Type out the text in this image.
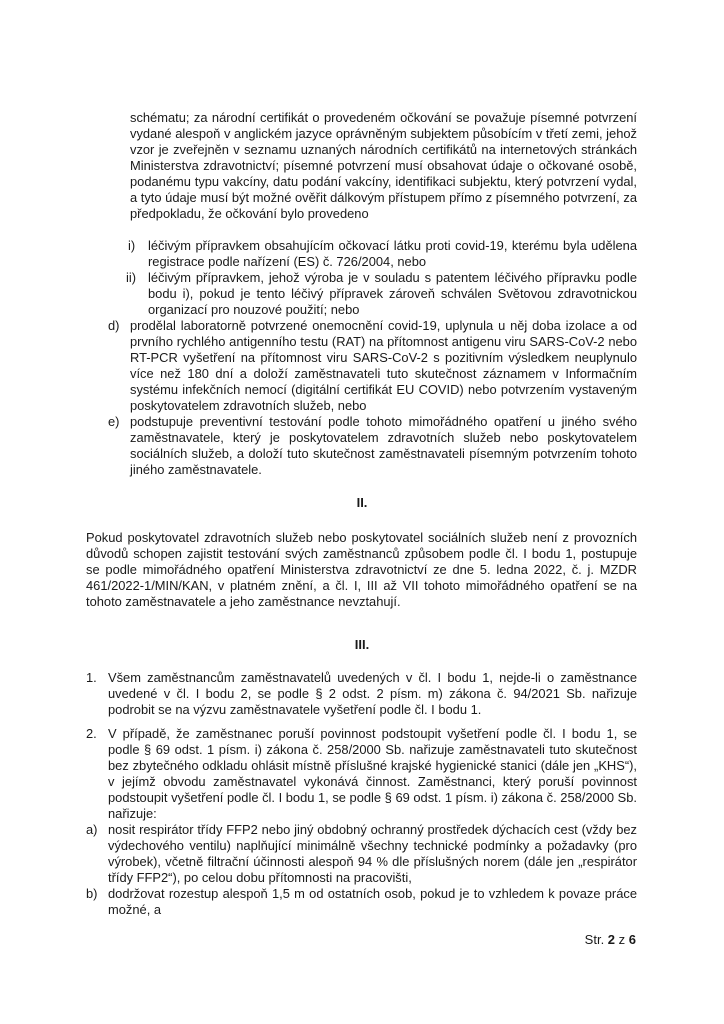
schématu; za národní certifikát o provedeném očkování se považuje písemné potvrzení vydané alespoň v anglickém jazyce oprávněným subjektem působícím v třetí zemi, jehož vzor je zveřejněn v seznamu uznaných národních certifikátů na internetových stránkách Ministerstva zdravotnictví; písemné potvrzení musí obsahovat údaje o očkované osobě, podanému typu vakcíny, datu podání vakcíny, identifikaci subjektu, který potvrzení vydal, a tyto údaje musí být možné ověřit dálkovým přístupem přímo z písemného potvrzení, za předpokladu, že očkování bylo provedeno
i) léčivým přípravkem obsahujícím očkovací látku proti covid-19, kterému byla udělena registrace podle nařízení (ES) č. 726/2004, nebo
ii) léčivým přípravkem, jehož výroba je v souladu s patentem léčivého přípravku podle bodu i), pokud je tento léčivý přípravek zároveň schválen Světovou zdravotnickou organizací pro nouzové použití; nebo
d) prodělal laboratorně potvrzené onemocnění covid-19, uplynula u něj doba izolace a od prvního rychlého antigenního testu (RAT) na přítomnost antigenu viru SARS-CoV-2 nebo RT-PCR vyšetření na přítomnost viru SARS-CoV-2 s pozitivním výsledkem neuplynulo více než 180 dní a doloží zaměstnavateli tuto skutečnost záznamem v Informačním systému infekčních nemocí (digitální certifikát EU COVID) nebo potvrzením vystaveným poskytovatelem zdravotních služeb, nebo
e) podstupuje preventivní testování podle tohoto mimořádného opatření u jiného svého zaměstnavatele, který je poskytovatelem zdravotních služeb nebo poskytovatelem sociálních služeb, a doloží tuto skutečnost zaměstnavateli písemným potvrzením tohoto jiného zaměstnavatele.
II.
Pokud poskytovatel zdravotních služeb nebo poskytovatel sociálních služeb není z provozních důvodů schopen zajistit testování svých zaměstnanců způsobem podle čl. I bodu 1, postupuje se podle mimořádného opatření Ministerstva zdravotnictví ze dne 5. ledna 2022, č. j. MZDR 461/2022-1/MIN/KAN, v platném znění, a čl. I, III až VII tohoto mimořádného opatření se na tohoto zaměstnavatele a jeho zaměstnance nevztahují.
III.
1. Všem zaměstnancům zaměstnavatelů uvedených v čl. I bodu 1, nejde-li o zaměstnance uvedené v čl. I bodu 2, se podle § 2 odst. 2 písm. m) zákona č. 94/2021 Sb. nařizuje podrobit se na výzvu zaměstnavatele vyšetření podle čl. I bodu 1.
2. V případě, že zaměstnanec poruší povinnost podstoupit vyšetření podle čl. I bodu 1, se podle § 69 odst. 1 písm. i) zákona č. 258/2000 Sb. nařizuje zaměstnavateli tuto skutečnost bez zbytečného odkladu ohlásit místně příslušné krajské hygienické stanici (dále jen „KHS“), v jejímž obvodu zaměstnavatel vykonává činnost. Zaměstnanci, který poruší povinnost podstoupit vyšetření podle čl. I bodu 1, se podle § 69 odst. 1 písm. i) zákona č. 258/2000 Sb. nařizuje:
a) nosit respirátor třídy FFP2 nebo jiný obdobný ochranný prostředek dýchacích cest (vždy bez výdechového ventilu) naplňující minimálně všechny technické podmínky a požadavky (pro výrobek), včetně filtrační účinnosti alespoň 94 % dle příslušných norem (dále jen „respirátor třídy FFP2“), po celou dobu přítomnosti na pracovišti,
b) dodržovat rozestup alespoň 1,5 m od ostatních osob, pokud je to vzhledem k povaze práce možné, a
Str. 2 z 6
